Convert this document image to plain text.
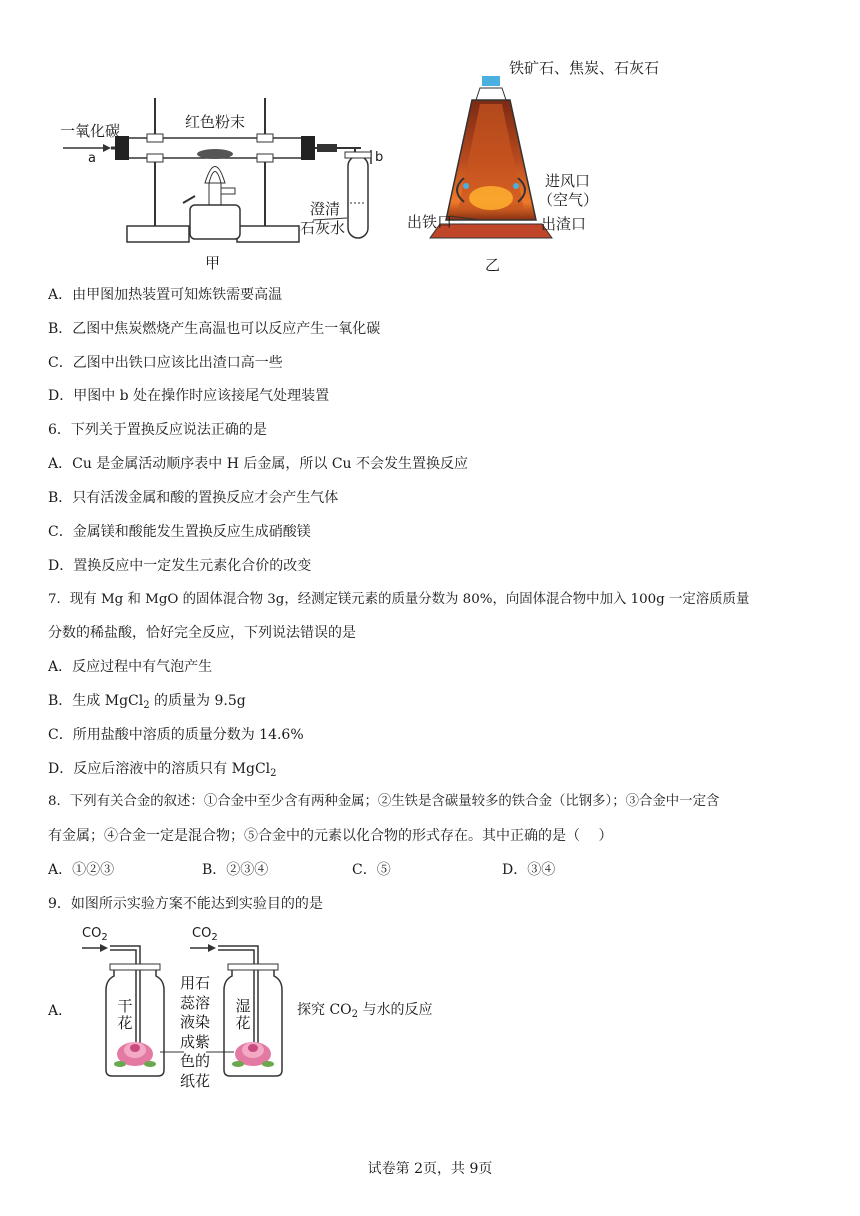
一氧化碳
a
红色粉末
b
澄清
石灰水
甲
铁矿石、焦炭、石灰石
进风口
（空气）
出铁口	出渣口
乙
A．由甲图加热装置可知炼铁需要高温
B．乙图中焦炭燃烧产生高温也可以反应产生一氧化碳
C．乙图中出铁口应该比出渣口高一些
D．甲图中 b 处在操作时应该接尾气处理装置
6．下列关于置换反应说法正确的是
A．Cu 是金属活动顺序表中 H 后金属，所以 Cu 不会发生置换反应
B．只有活泼金属和酸的置换反应才会产生气体
C．金属镁和酸能发生置换反应生成硝酸镁
D．置换反应中一定发生元素化合价的改变
7．现有 Mg 和 MgO 的固体混合物 3g，经测定镁元素的质量分数为 80%，向固体混合物中加入 100g 一定溶质质量
分数的稀盐酸，恰好完全反应，下列说法错误的是
A．反应过程中有气泡产生
B．生成 MgCl$_2$ 的质量为 9.5g
C．所用盐酸中溶质的质量分数为 14.6%
D．反应后溶液中的溶质只有 MgCl$_2$
8．下列有关合金的叙述：①合金中至少含有两种金属；②生铁是含碳量较多的铁合金（比钢多）；③合金中一定含
有金属；④合金一定是混合物；⑤合金中的元素以化合物的形式存在。其中正确的是（　 ）
A．①②③	B．②③④	C．⑤	D．③④
9．如图所示实验方案不能达到实验目的的是
A．
$CO_2$	$CO_2$
干
花
湿
花
用石
蕊溶
液染
成紫
色的
纸花
探究 $CO_2$ 与水的反应
试卷第 2页，共 9页
